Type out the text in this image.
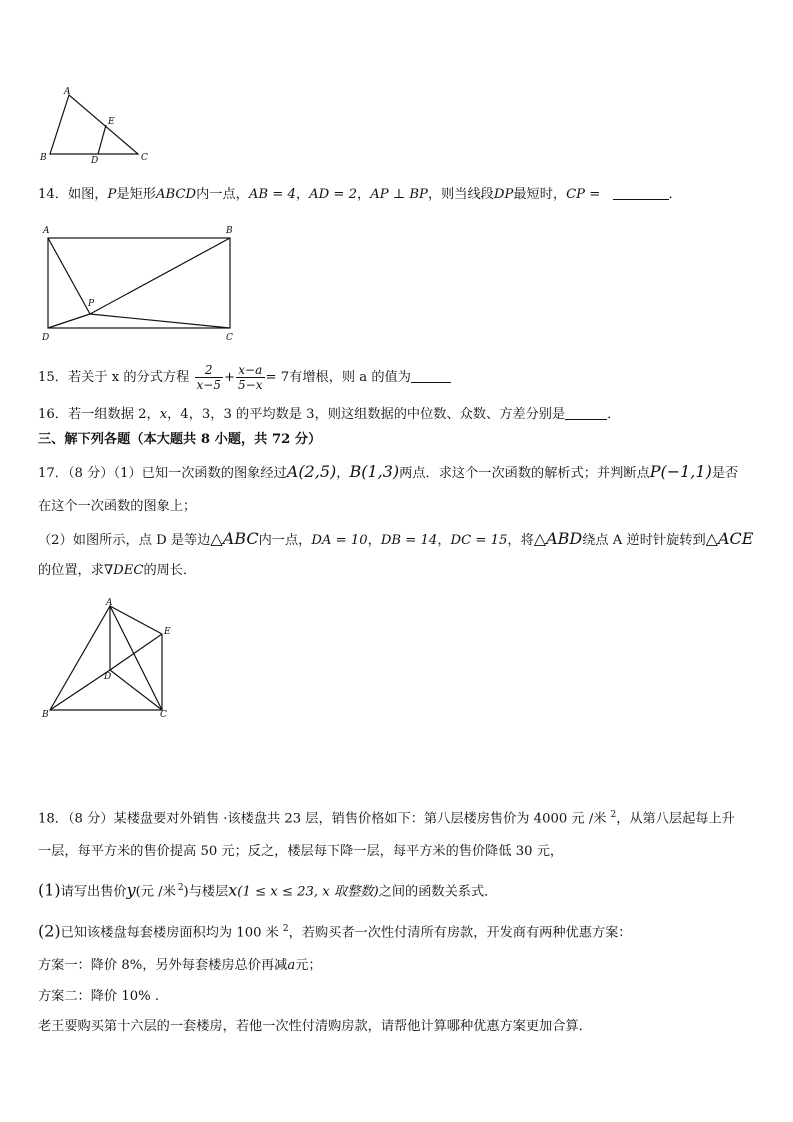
A
E
B	D	C
14．如图，P是矩形ABCD内一点，AB = 4，AD = 2，AP ⊥ BP，则当线段DP最短时，CP =	．
A	B
P
D	C
15．若关于 x 的分式方程 $\frac{2}{x-5} + \frac{x-a}{5-x} = 7$有增根，则 a 的值为
16．若一组数据 2，x，4，3，3 的平均数是 3，则这组数据的中位数、众数、方差分别是	．
三、解下列各题（本大题共 8 小题，共 72 分）
17．（8 分）（1）已知一次函数的图象经过A(2,5)，B(1,3)两点．求这个一次函数的解析式；并判断点P(−1,1)是否
在这个一次函数的图象上；
（2）如图所示，点 D 是等边△ABC内一点，DA = 10，DB = 14，DC = 15，将△ABD绕点 A 逆时针旋转到△ACE
的位置，求∇DEC的周长．
A
E
D
B	C
18．（8 分）某楼盘要对外销售 ·该楼盘共 23 层，销售价格如下：第八层楼房售价为 4000 元 /米 $^2$，从第八层起每上升
一层，每平方米的售价提高 50 元；反之，楼层每下降一层，每平方米的售价降低 30 元，
(1)请写出售价y(元 /米 $^2$)与楼层x(1 ≤ x ≤ 23, x 取整数)之间的函数关系式．
(2)已知该楼盘每套楼房面积均为 100 米 $^2$，若购买者一次性付清所有房款，开发商有两种优惠方案：
方案一：降价 8%，另外每套楼房总价再减a元；
方案二：降价 10% .
老王要购买第十六层的一套楼房，若他一次性付清购房款，请帮他计算哪种优惠方案更加合算．
